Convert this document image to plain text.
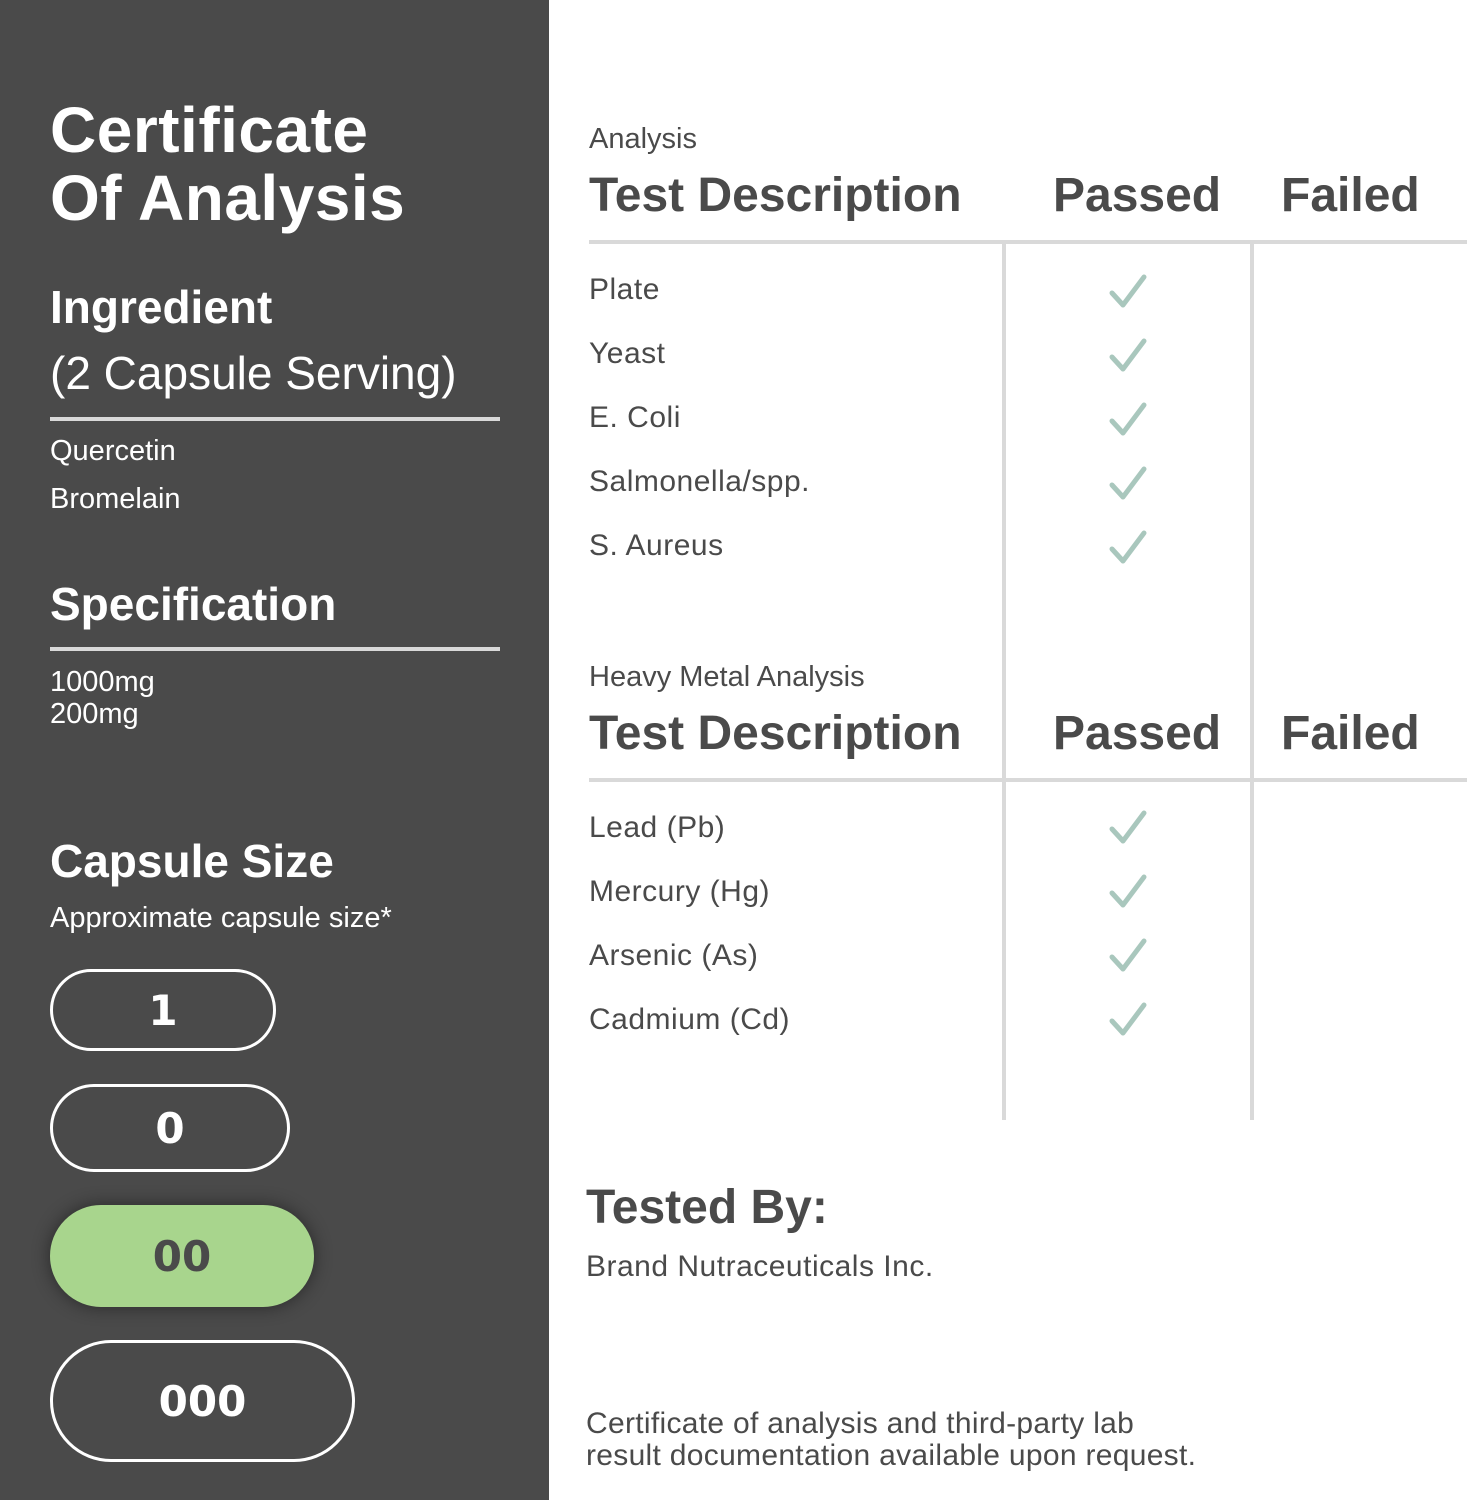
Certificate
Of Analysis
Ingredient
(2 Capsule Serving)
Quercetin
Bromelain
Specification
1000mg
200mg
Capsule Size
Approximate capsule size*
1
0
00
000
Analysis
Test Description Passed Failed
Plate
Yeast
E. Coli
Salmonella/spp.
S. Aureus
Heavy Metal Analysis
Test Description Passed Failed
Lead (Pb)
Mercury (Hg)
Arsenic (As)
Cadmium (Cd)
Tested By:
Brand Nutraceuticals Inc.
Certificate of analysis and third-party lab
result documentation available upon request.
